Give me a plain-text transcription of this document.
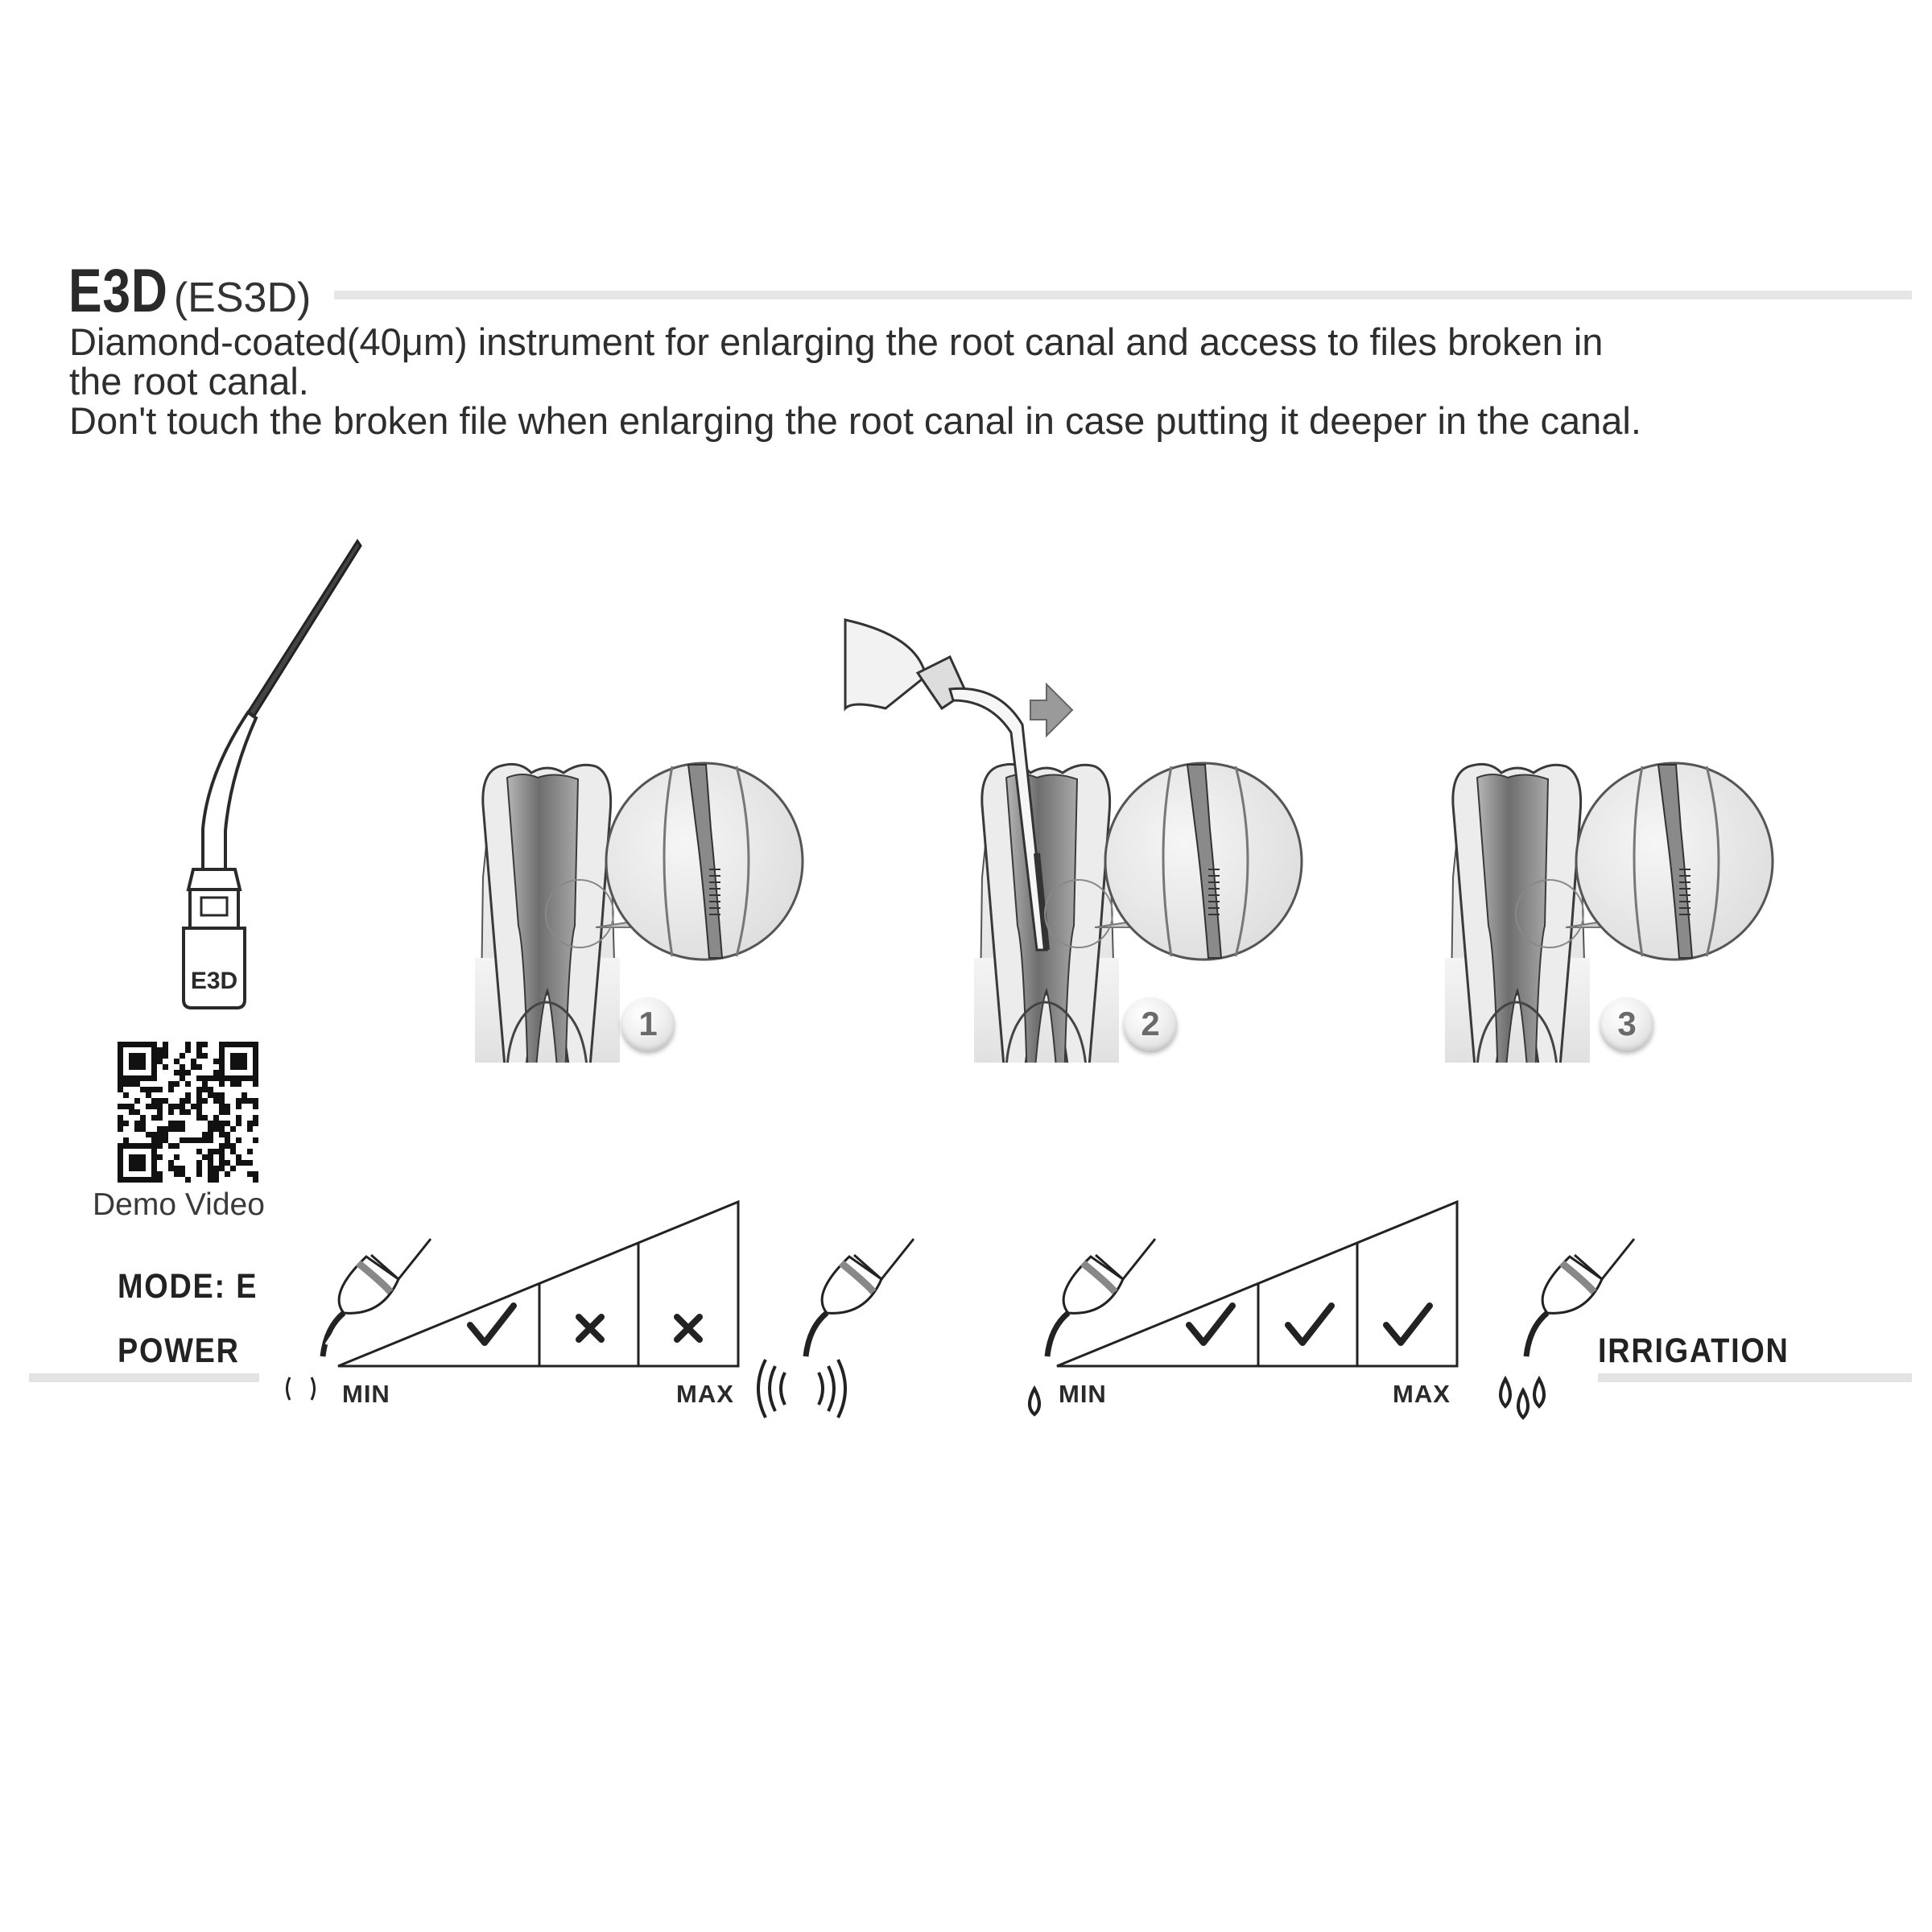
E3D (ES3D)
Diamond-coated(40μm) instrument for enlarging the root canal and access to files broken in
the root canal.
Don't touch the broken file when enlarging the root canal in case putting it deeper in the canal.
E3D
Demo Video
1	2	3
MODE: E
POWER	IRRIGATION
MIN	MAX	MIN	MAX
